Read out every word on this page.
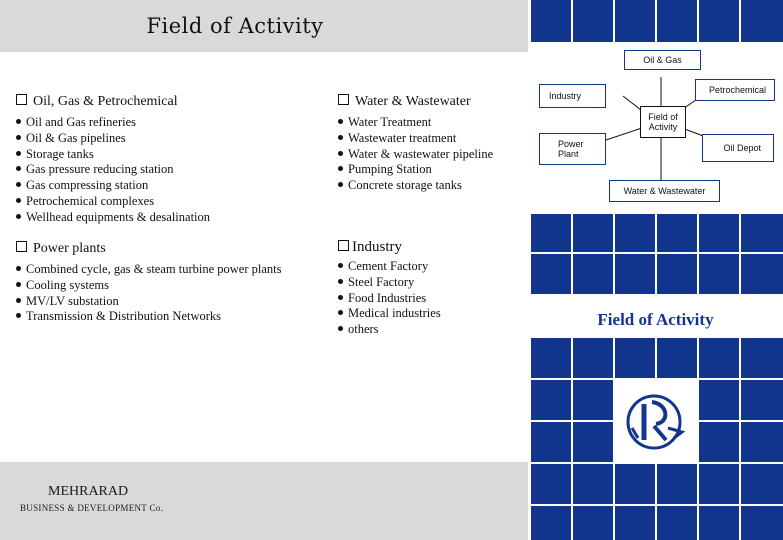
Field of Activity
Oil, Gas & Petrochemical
Oil and Gas refineries
Oil & Gas pipelines
Storage tanks
Gas pressure reducing station
Gas compressing station
Petrochemical complexes
Wellhead equipments & desalination
Water & Wastewater
Water Treatment
Wastewater treatment
Water & wastewater pipeline
Pumping Station
Concrete storage tanks
Power plants
Combined cycle, gas & steam turbine power plants
Cooling systems
MV/LV substation
Transmission & Distribution Networks
Industry
Cement Factory
Steel Factory
Food Industries
Medical industries
others
MEHRARAD
BUSINESS & DEVELOPMENT Co.
Oil & Gas
Industry
Petrochemical
Field of
Activity
Power
Plant
Oil Depot
Water & Wastewater
Field of Activity
